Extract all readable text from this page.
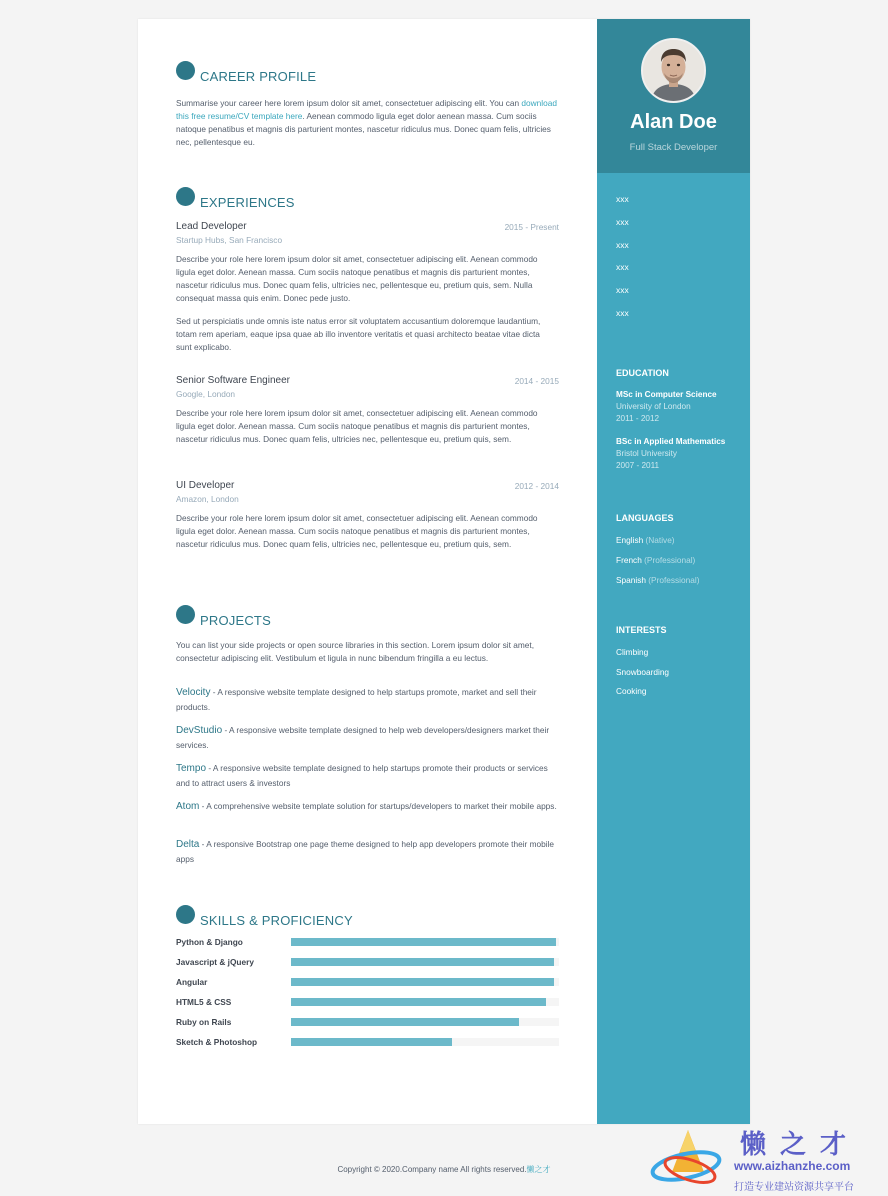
CAREER PROFILE

Summarise your career here lorem ipsum dolor sit amet, consectetuer adipiscing elit. You can download this free resume/CV template here. Aenean commodo ligula eget dolor aenean massa. Cum sociis natoque penatibus et magnis dis parturient montes, nascetur ridiculus mus. Donec quam felis, ultricies nec, pellentesque eu.

EXPERIENCES
Lead Developer	2015 - Present
Startup Hubs, San Francisco

Describe your role here lorem ipsum dolor sit amet, consectetuer adipiscing elit. Aenean commodo ligula eget dolor. Aenean massa. Cum sociis natoque penatibus et magnis dis parturient montes, nascetur ridiculus mus. Donec quam felis, ultricies nec, pellentesque eu, pretium quis, sem. Nulla consequat massa quis enim. Donec pede justo.

Sed ut perspiciatis unde omnis iste natus error sit voluptatem accusantium doloremque laudantium, totam rem aperiam, eaque ipsa quae ab illo inventore veritatis et quasi architecto beatae vitae dicta sunt explicabo.

Senior Software Engineer	2014 - 2015
Google, London

Describe your role here lorem ipsum dolor sit amet, consectetuer adipiscing elit. Aenean commodo ligula eget dolor. Aenean massa. Cum sociis natoque penatibus et magnis dis parturient montes, nascetur ridiculus mus. Donec quam felis, ultricies nec, pellentesque eu, pretium quis, sem.

UI Developer	2012 - 2014
Amazon, London

Describe your role here lorem ipsum dolor sit amet, consectetuer adipiscing elit. Aenean commodo ligula eget dolor. Aenean massa. Cum sociis natoque penatibus et magnis dis parturient montes, nascetur ridiculus mus. Donec quam felis, ultricies nec, pellentesque eu, pretium quis, sem.

PROJECTS

You can list your side projects or open source libraries in this section. Lorem ipsum dolor sit amet, consectetur adipiscing elit. Vestibulum et ligula in nunc bibendum fringilla a eu lectus.

Velocity - A responsive website template designed to help startups promote, market and sell their products.
DevStudio - A responsive website template designed to help web developers/designers market their services.
Tempo - A responsive website template designed to help startups promote their products or services and to attract users & investors
Atom - A comprehensive website template solution for startups/developers to market their mobile apps.
Delta - A responsive Bootstrap one page theme designed to help app developers promote their mobile apps
SKILLS & PROFICIENCY
Python & Django
Javascript & jQuery
Angular
HTML5 & CSS
Ruby on Rails
Sketch & Photoshop
Alan Doe
Full Stack Developer
xxx
xxx
xxx
xxx
xxx
xxx
EDUCATION
MSc in Computer Science
University of London
2011 - 2012
BSc in Applied Mathematics
Bristol University
2007 - 2011
LANGUAGES
English (Native)
French (Professional)
Spanish (Professional)
INTERESTS
Climbing
Snowboarding
Cooking
Copyright © 2020.Company name All rights reserved.懒之才
懒之才
www.aizhanzhe.com
打造专业建站资源共享平台
